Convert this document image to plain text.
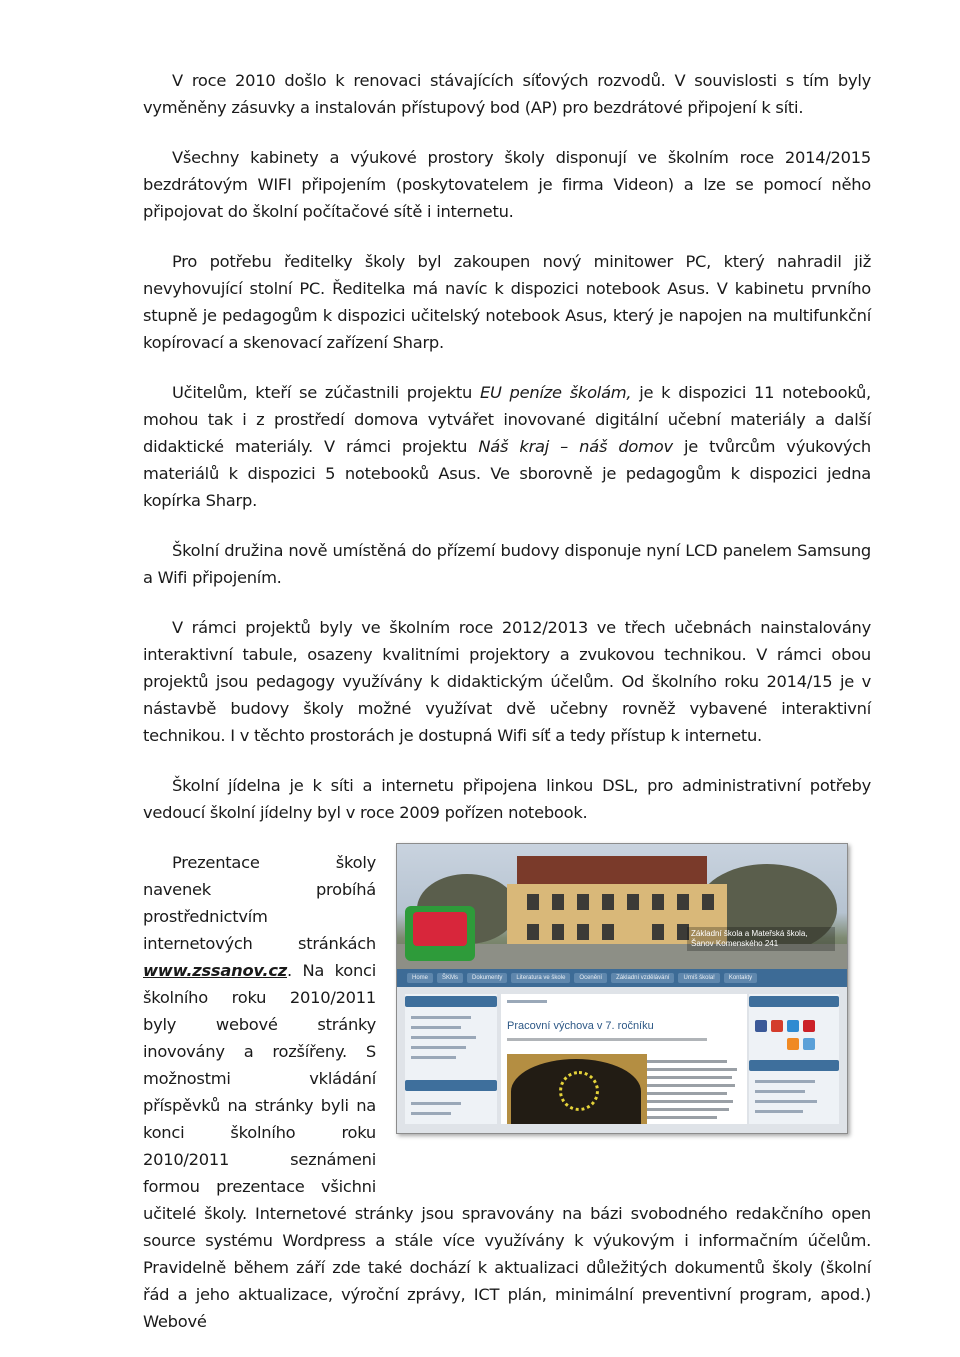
V roce 2010 došlo k renovaci stávajících síťových rozvodů. V souvislosti s tím byly vyměněny zásuvky a instalován přístupový bod (AP) pro bezdrátové připojení k síti.

Všechny kabinety a výukové prostory školy disponují ve školním roce 2014/2015 bezdrátovým WIFI připojením (poskytovatelem je firma Videon) a lze se pomocí něho připojovat do školní počítačové sítě i internetu.

Pro potřebu ředitelky školy byl zakoupen nový minitower PC, který nahradil již nevyhovující stolní PC. Ředitelka má navíc k dispozici notebook Asus. V kabinetu prvního stupně je pedagogům k dispozici učitelský notebook Asus, který je napojen na multifunkční kopírovací a skenovací zařízení Sharp.

Učitelům, kteří se zúčastnili projektu EU peníze školám, je k dispozici 11 notebooků, mohou tak i z prostředí domova vytvářet inovované digitální učební materiály a další didaktické materiály. V rámci projektu Náš kraj – náš domov je tvůrcům výukových materiálů k dispozici 5 notebooků Asus. Ve sborovně je pedagogům k dispozici jedna kopírka Sharp.

Školní družina nově umístěná do přízemí budovy disponuje nyní LCD panelem Samsung a Wifi připojením.

V rámci projektů byly ve školním roce 2012/2013 ve třech učebnách nainstalovány interaktivní tabule, osazeny kvalitními projektory a zvukovou technikou. V rámci obou projektů jsou pedagogy využívány k didaktickým účelům. Od školního roku 2014/15 je v nástavbě budovy školy možné využívat dvě učebny rovněž vybavené interaktivní technikou. I v těchto prostorách je dostupná Wifi síť a tedy přístup k internetu.

Školní jídelna je k síti a internetu připojena linkou DSL, pro administrativní potřeby vedoucí školní jídelny byl v roce 2009 pořízen notebook.

Prezentace školy navenek probíhá prostřednictvím internetových stránkách www.zssanov.cz. Na konci školního roku 2010/2011 byly webové stránky inovovány a rozšířeny. S možnostmi vkládání příspěvků na stránky byli na konci školního roku 2010/2011 seznámeni formou prezentace všichni

učitelé školy. Internetové stránky jsou spravovány na bázi svobodného redakčního open source systému Wordpress a stále více využívány k výukovým i informačním účelům. Pravidelně během září zde také dochází k aktualizaci důležitých dokumentů školy (školní řád a jeho aktualizace, výroční zprávy, ICT plán, minimální preventivní program, apod.) Webové
Základní škola a Mateřská škola, Šanov Komenského 241
Home	ŠKMs	Dokumenty	Literatura ve škole	Ocenění	Základní vzdělávání	Umíš škola!	Kontakty
Pracovní výchova v 7. ročníku
